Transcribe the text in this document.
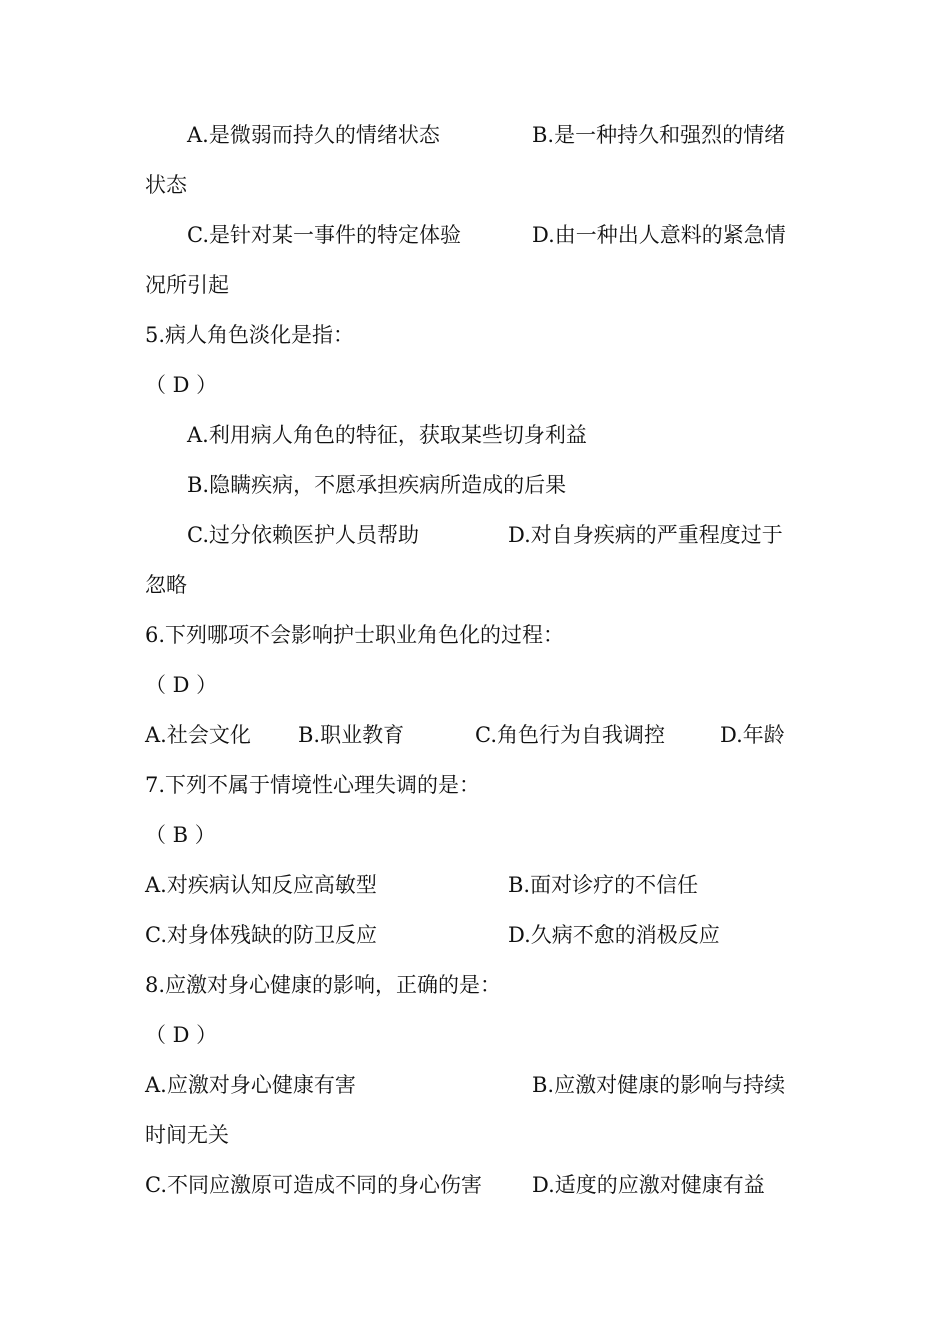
A.是微弱而持久的情绪状态	B.是一种持久和强烈的情绪

状态

C.是针对某一事件的特定体验	D.由一种出人意料的紧急情

况所引起

5.病人角色淡化是指：

（ D ）

A.利用病人角色的特征，获取某些切身利益

B.隐瞒疾病，不愿承担疾病所造成的后果

C.过分依赖医护人员帮助	D.对自身疾病的严重程度过于

忽略

6.下列哪项不会影响护士职业角色化的过程：

（ D ）

A.社会文化 B.职业教育	C.角色行为自我调控	D.年龄

7.下列不属于情境性心理失调的是：

（ B ）

A.对疾病认知反应高敏型	B.面对诊疗的不信任

C.对身体残缺的防卫反应	D.久病不愈的消极反应

8.应激对身心健康的影响，正确的是：

（ D ）

A.应激对身心健康有害	B.应激对健康的影响与持续

时间无关

C.不同应激原可造成不同的身心伤害 D.适度的应激对健康有益
